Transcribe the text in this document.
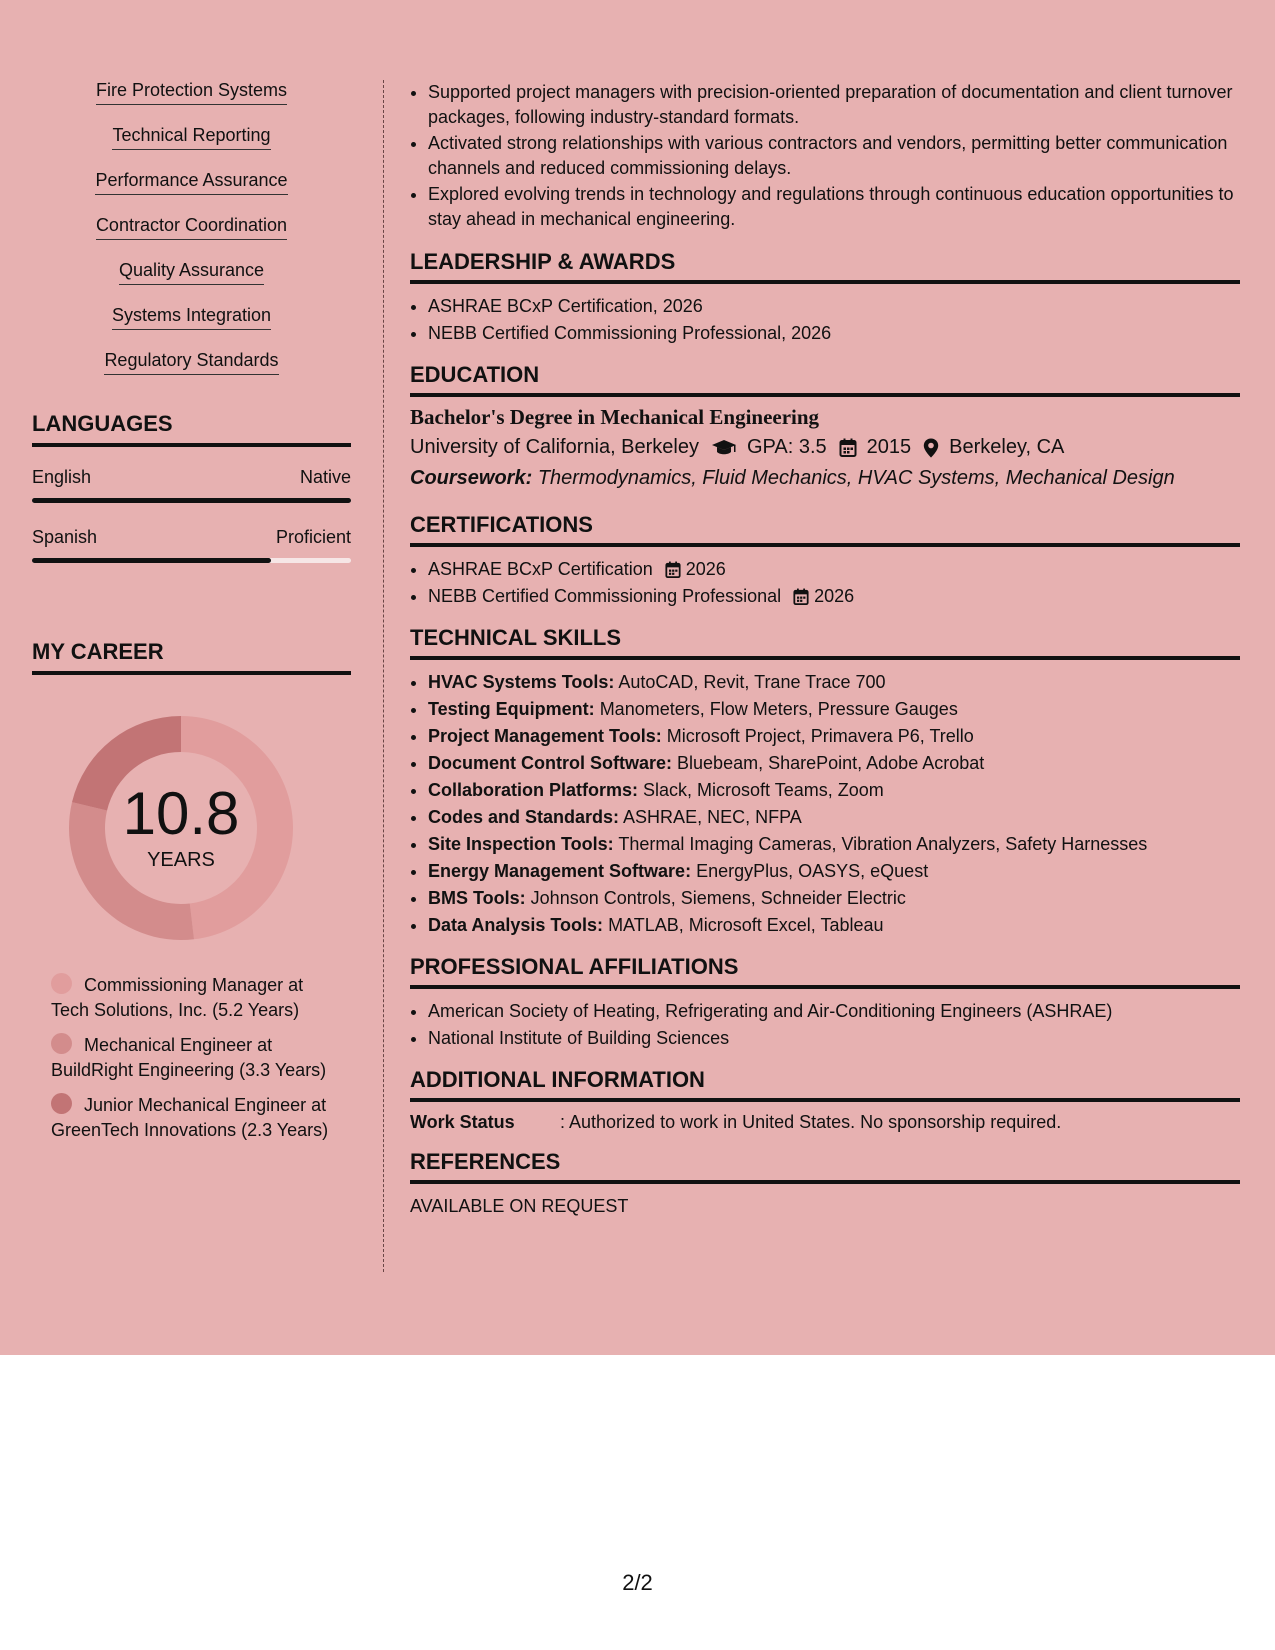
Fire Protection Systems
Technical Reporting
Performance Assurance
Contractor Coordination
Quality Assurance
Systems Integration
Regulatory Standards
LANGUAGES
English	Native
Spanish	Proficient
MY CAREER
10.8
YEARS
Commissioning Manager at Tech Solutions, Inc. (5.2 Years)
Mechanical Engineer at BuildRight Engineering (3.3 Years)
Junior Mechanical Engineer at GreenTech Innovations (2.3 Years)
• Supported project managers with precision-oriented preparation of documentation and client turnover packages, following industry-standard formats.
• Activated strong relationships with various contractors and vendors, permitting better communication channels and reduced commissioning delays.
• Explored evolving trends in technology and regulations through continuous education opportunities to stay ahead in mechanical engineering.
LEADERSHIP & AWARDS
• ASHRAE BCxP Certification, 2026
• NEBB Certified Commissioning Professional, 2026
EDUCATION
Bachelor's Degree in Mechanical Engineering
University of California, Berkeley GPA: 3.5 2015 Berkeley, CA
Coursework: Thermodynamics, Fluid Mechanics, HVAC Systems, Mechanical Design
CERTIFICATIONS
• ASHRAE BCxP Certification 2026
• NEBB Certified Commissioning Professional 2026
TECHNICAL SKILLS
• HVAC Systems Tools: AutoCAD, Revit, Trane Trace 700
• Testing Equipment: Manometers, Flow Meters, Pressure Gauges
• Project Management Tools: Microsoft Project, Primavera P6, Trello
• Document Control Software: Bluebeam, SharePoint, Adobe Acrobat
• Collaboration Platforms: Slack, Microsoft Teams, Zoom
• Codes and Standards: ASHRAE, NEC, NFPA
• Site Inspection Tools: Thermal Imaging Cameras, Vibration Analyzers, Safety Harnesses
• Energy Management Software: EnergyPlus, OASYS, eQuest
• BMS Tools: Johnson Controls, Siemens, Schneider Electric
• Data Analysis Tools: MATLAB, Microsoft Excel, Tableau
PROFESSIONAL AFFILIATIONS
• American Society of Heating, Refrigerating and Air-Conditioning Engineers (ASHRAE)
• National Institute of Building Sciences
ADDITIONAL INFORMATION
Work Status	: Authorized to work in United States. No sponsorship required.
REFERENCES
AVAILABLE ON REQUEST
2/2
